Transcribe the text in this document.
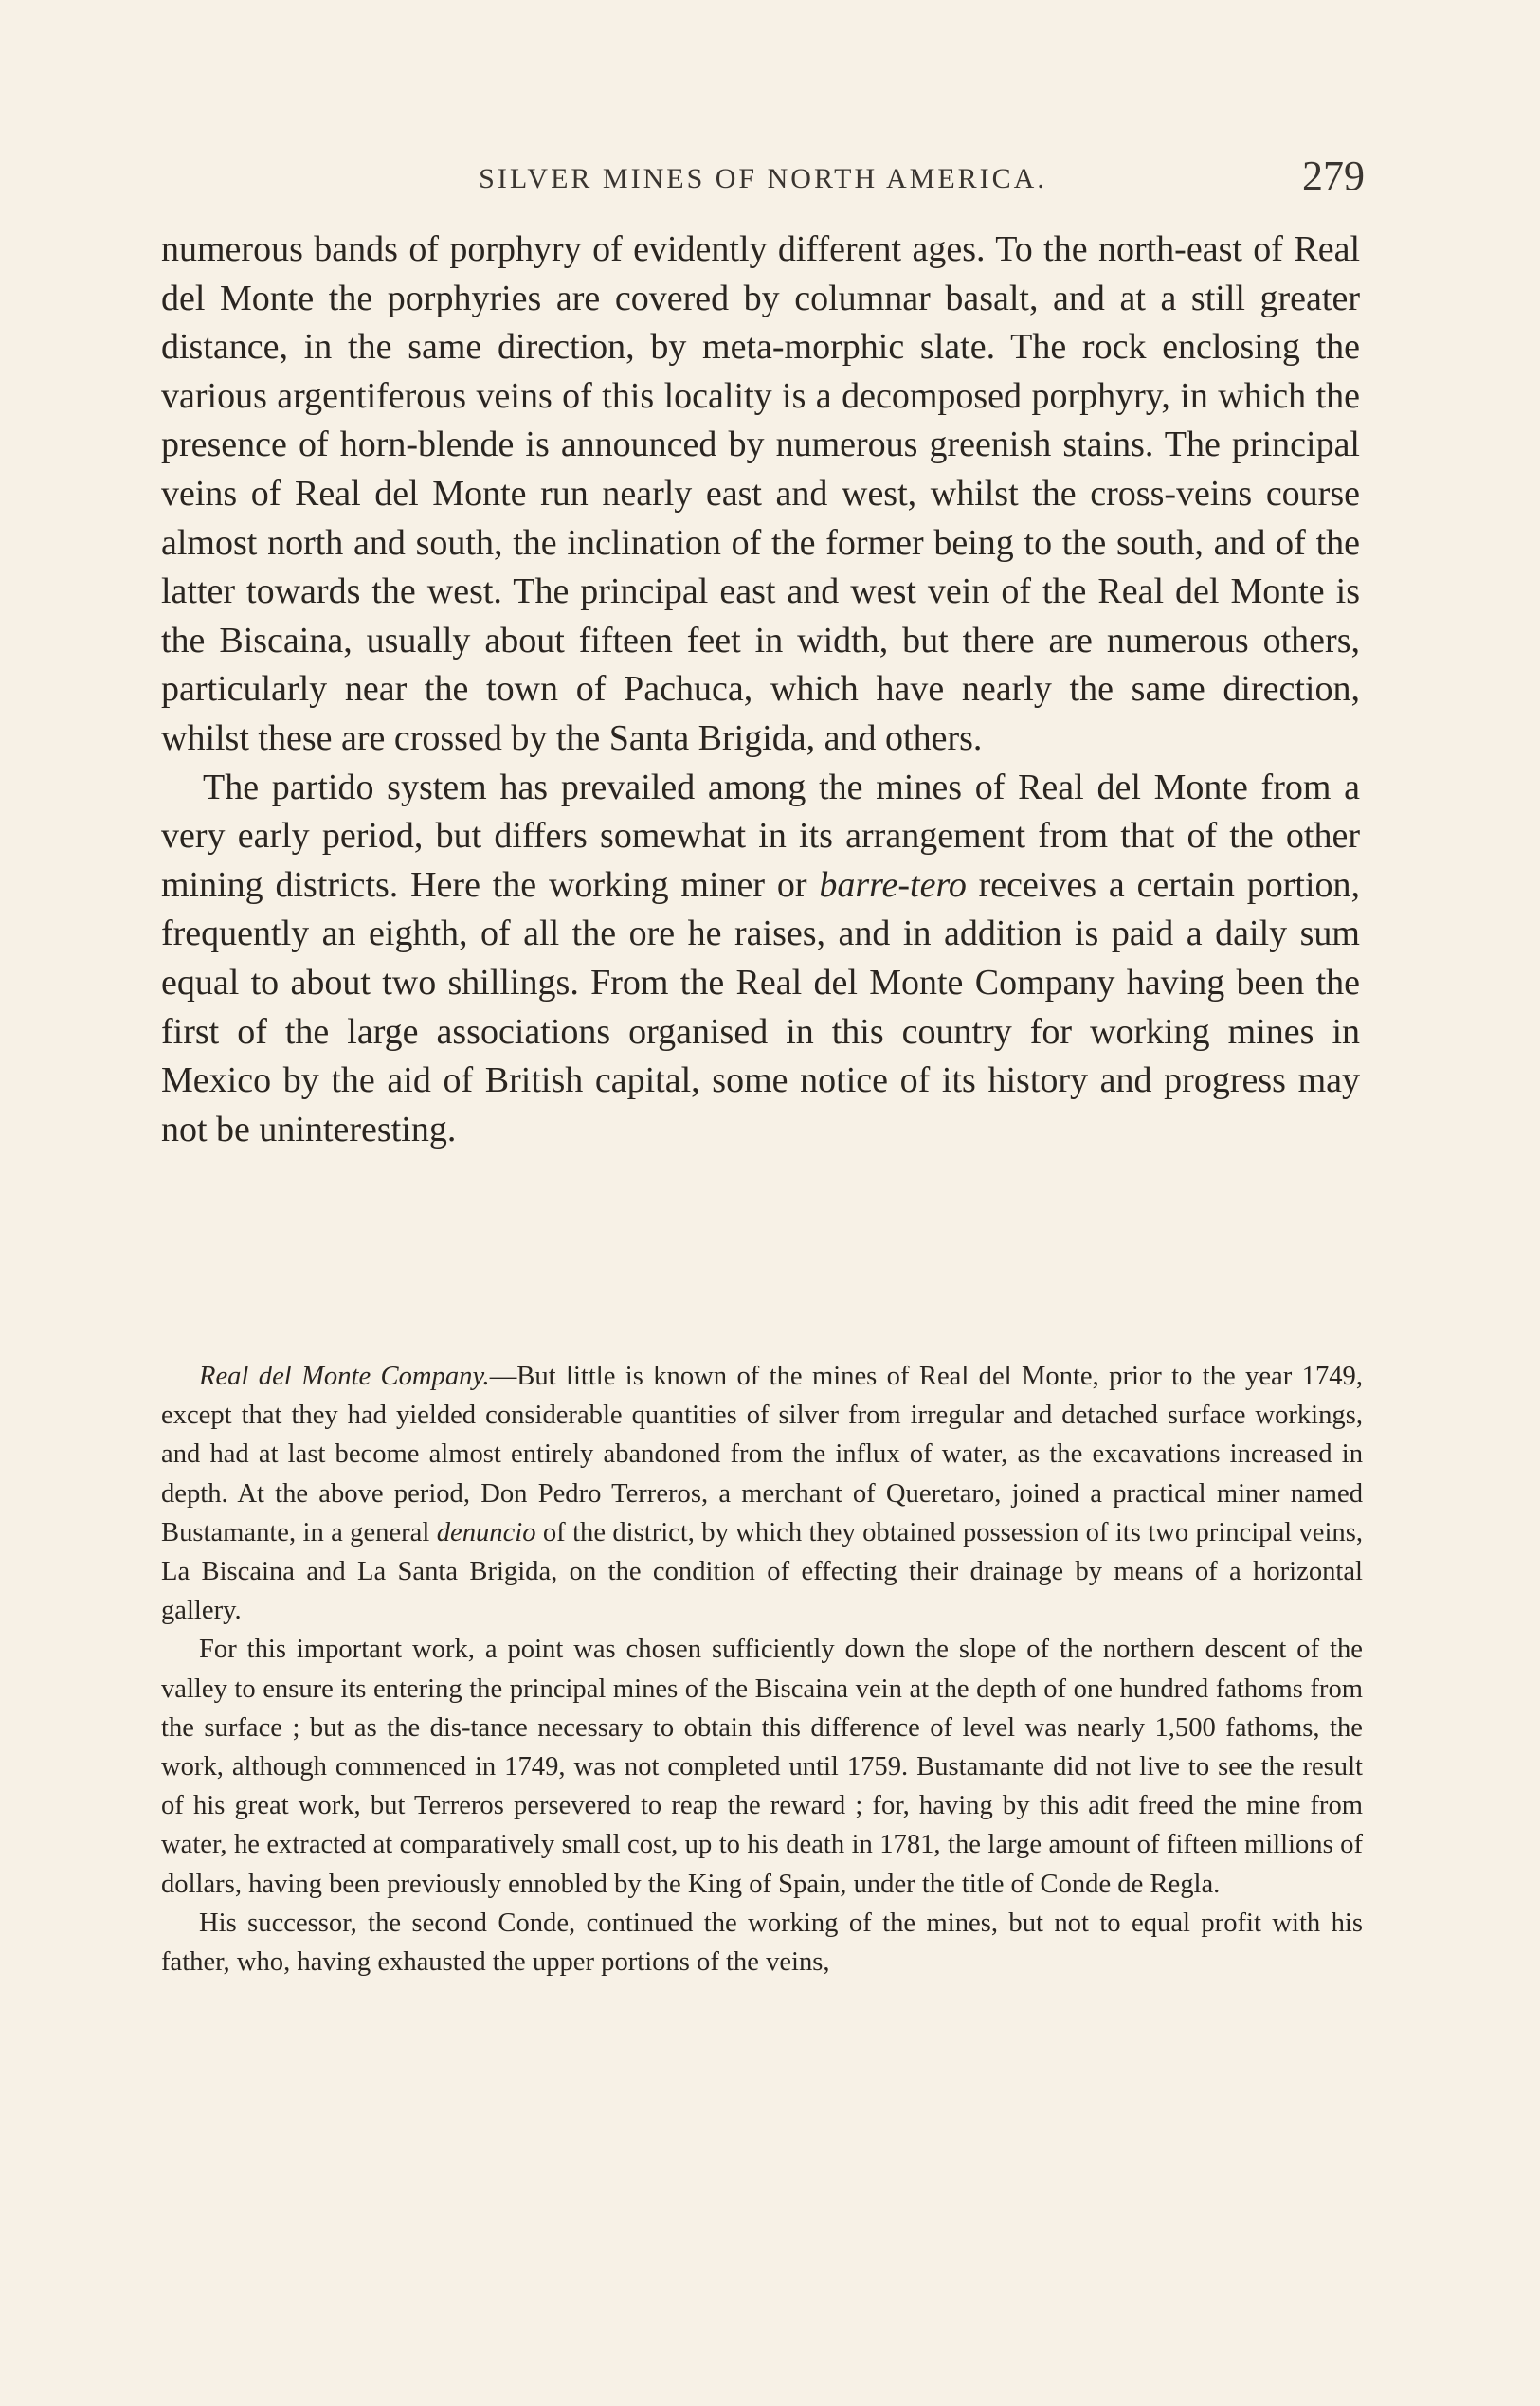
SILVER MINES OF NORTH AMERICA.	279

numerous bands of porphyry of evidently different ages. To the north-east of Real del Monte the porphyries are covered by columnar basalt, and at a still greater distance, in the same direction, by meta-morphic slate. The rock enclosing the various argentiferous veins of this locality is a decomposed porphyry, in which the presence of horn-blende is announced by numerous greenish stains. The principal veins of Real del Monte run nearly east and west, whilst the cross-veins course almost north and south, the inclination of the former being to the south, and of the latter towards the west. The principal east and west vein of the Real del Monte is the Biscaina, usually about fifteen feet in width, but there are numerous others, particularly near the town of Pachuca, which have nearly the same direction, whilst these are crossed by the Santa Brigida, and others.

The partido system has prevailed among the mines of Real del Monte from a very early period, but differs somewhat in its arrangement from that of the other mining districts. Here the working miner or barre-tero receives a certain portion, frequently an eighth, of all the ore he raises, and in addition is paid a daily sum equal to about two shillings. From the Real del Monte Company having been the first of the large associations organised in this country for working mines in Mexico by the aid of British capital, some notice of its history and progress may not be uninteresting.

Real del Monte Company.—But little is known of the mines of Real del Monte, prior to the year 1749, except that they had yielded considerable quantities of silver from irregular and detached surface workings, and had at last become almost entirely abandoned from the influx of water, as the excavations increased in depth. At the above period, Don Pedro Terreros, a merchant of Queretaro, joined a practical miner named Bustamante, in a general denuncio of the district, by which they obtained possession of its two principal veins, La Biscaina and La Santa Brigida, on the condition of effecting their drainage by means of a horizontal gallery.

For this important work, a point was chosen sufficiently down the slope of the northern descent of the valley to ensure its entering the principal mines of the Biscaina vein at the depth of one hundred fathoms from the surface ; but as the dis-tance necessary to obtain this difference of level was nearly 1,500 fathoms, the work, although commenced in 1749, was not completed until 1759. Bustamante did not live to see the result of his great work, but Terreros persevered to reap the reward ; for, having by this adit freed the mine from water, he extracted at comparatively small cost, up to his death in 1781, the large amount of fifteen millions of dollars, having been previously ennobled by the King of Spain, under the title of Conde de Regla.

His successor, the second Conde, continued the working of the mines, but not to equal profit with his father, who, having exhausted the upper portions of the veins,
